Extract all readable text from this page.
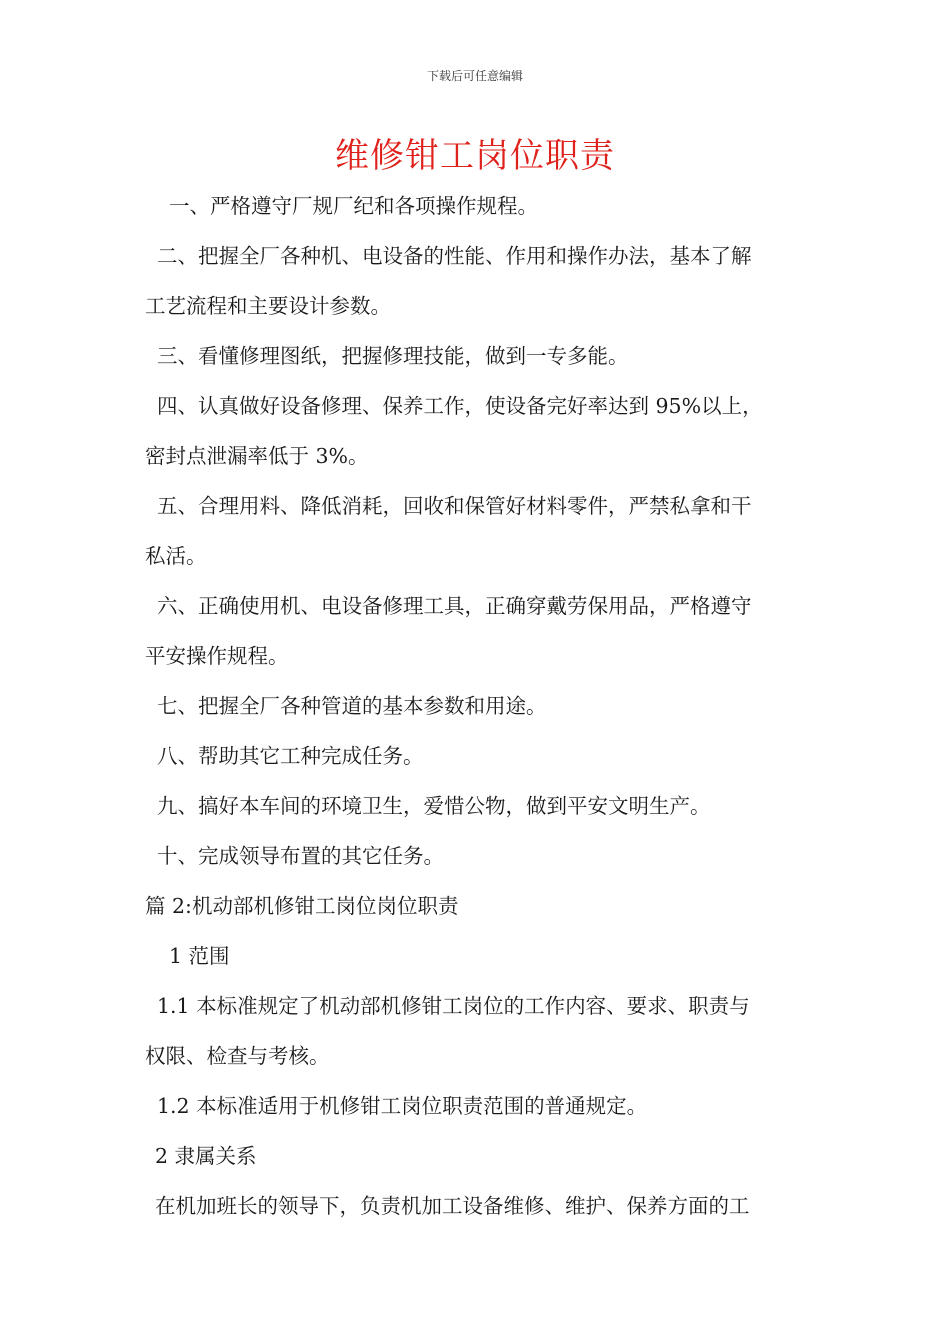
下载后可任意编辑
维修钳工岗位职责
一、严格遵守厂规厂纪和各项操作规程。
二、把握全厂各种机、电设备的性能、作用和操作办法，基本了解
工艺流程和主要设计参数。
三、看懂修理图纸，把握修理技能，做到一专多能。
四、认真做好设备修理、保养工作，使设备完好率达到 95%以上，
密封点泄漏率低于 3%。
五、合理用料、降低消耗，回收和保管好材料零件，严禁私拿和干
私活。
六、正确使用机、电设备修理工具，正确穿戴劳保用品，严格遵守
平安操作规程。
七、把握全厂各种管道的基本参数和用途。
八、帮助其它工种完成任务。
九、搞好本车间的环境卫生，爱惜公物，做到平安文明生产。
十、完成领导布置的其它任务。
篇 2:机动部机修钳工岗位岗位职责
1 范围
1.1 本标准规定了机动部机修钳工岗位的工作内容、要求、职责与
权限、检查与考核。
1.2 本标准适用于机修钳工岗位职责范围的普通规定。
2 隶属关系
在机加班长的领导下，负责机加工设备维修、维护、保养方面的工
